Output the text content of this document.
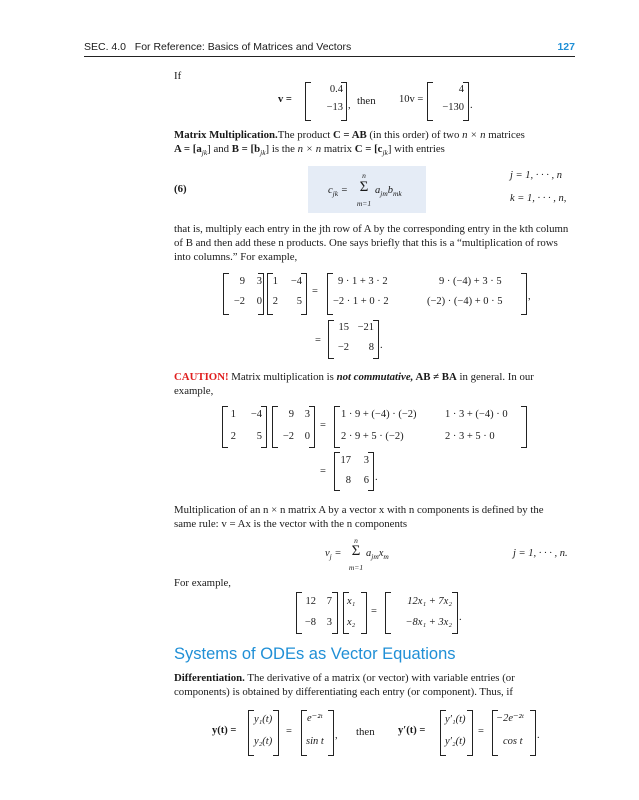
SEC. 4.0 For Reference: Basics of Matrices and Vectors	127
If
v =
0.4
−13 , then 10v =
4
−130 .
Matrix Multiplication.The product C = AB (in this order) of two n × n matrices
$A = [a_{jk}]$ and $B = [b_{jk}]$ is the n × n matrix $C = [c_{jk}]$ with entries
(6)	$c_{jk}$ =
n
Σ
m=1
$a_{jm}b_{mk}$
j = 1, · · · , n
k = 1, · · · , n,
that is, multiply each entry in the jth row of A by the corresponding entry in the kth column
of B and then add these n products. One says briefly that this is a “multiplication of rows
into columns.” For example,
9	3
−2	0
1	−4
2	5
=
9 · 1 + 3 · 2	9 · (−4) + 3 · 5
−2 · 1 + 0 · 2	(−2) · (−4) + 0 · 5 ,
=
15 −21
−2	8 .
CAUTION! Matrix multiplication is not commutative, AB ≠ BA in general. In our
example,
1	−4
2	5
9	3
−2	0
=
1 · 9 + (−4) · (−2)	1 · 3 + (−4) · 0
2 · 9 + 5 · (−2)	2 · 3 + 5 · 0
=
17	3
8	6 .
Multiplication of an n × n matrix A by a vector x with n components is defined by the
same rule: v = Ax is the vector with the n components
$v_j$ =
n
Σ
m=1
$a_{jm}x_m$	j = 1, · · · , n.
For example,
12	7
−8	3
x₁
x₂
=
12x₁ + 7x₂
−8x₁ + 3x₂ .
Systems of ODEs as Vector Equations
Differentiation. The derivative of a matrix (or vector) with variable entries (or
components) is obtained by differentiating each entry (or component). Thus, if
y(t) =
y₁(t)
y₂(t)
=
e⁻²ᵗ
sin t
, then y′(t) =
y′₁(t)
y′₂(t)
=
−2e⁻²ᵗ
cos t
.
